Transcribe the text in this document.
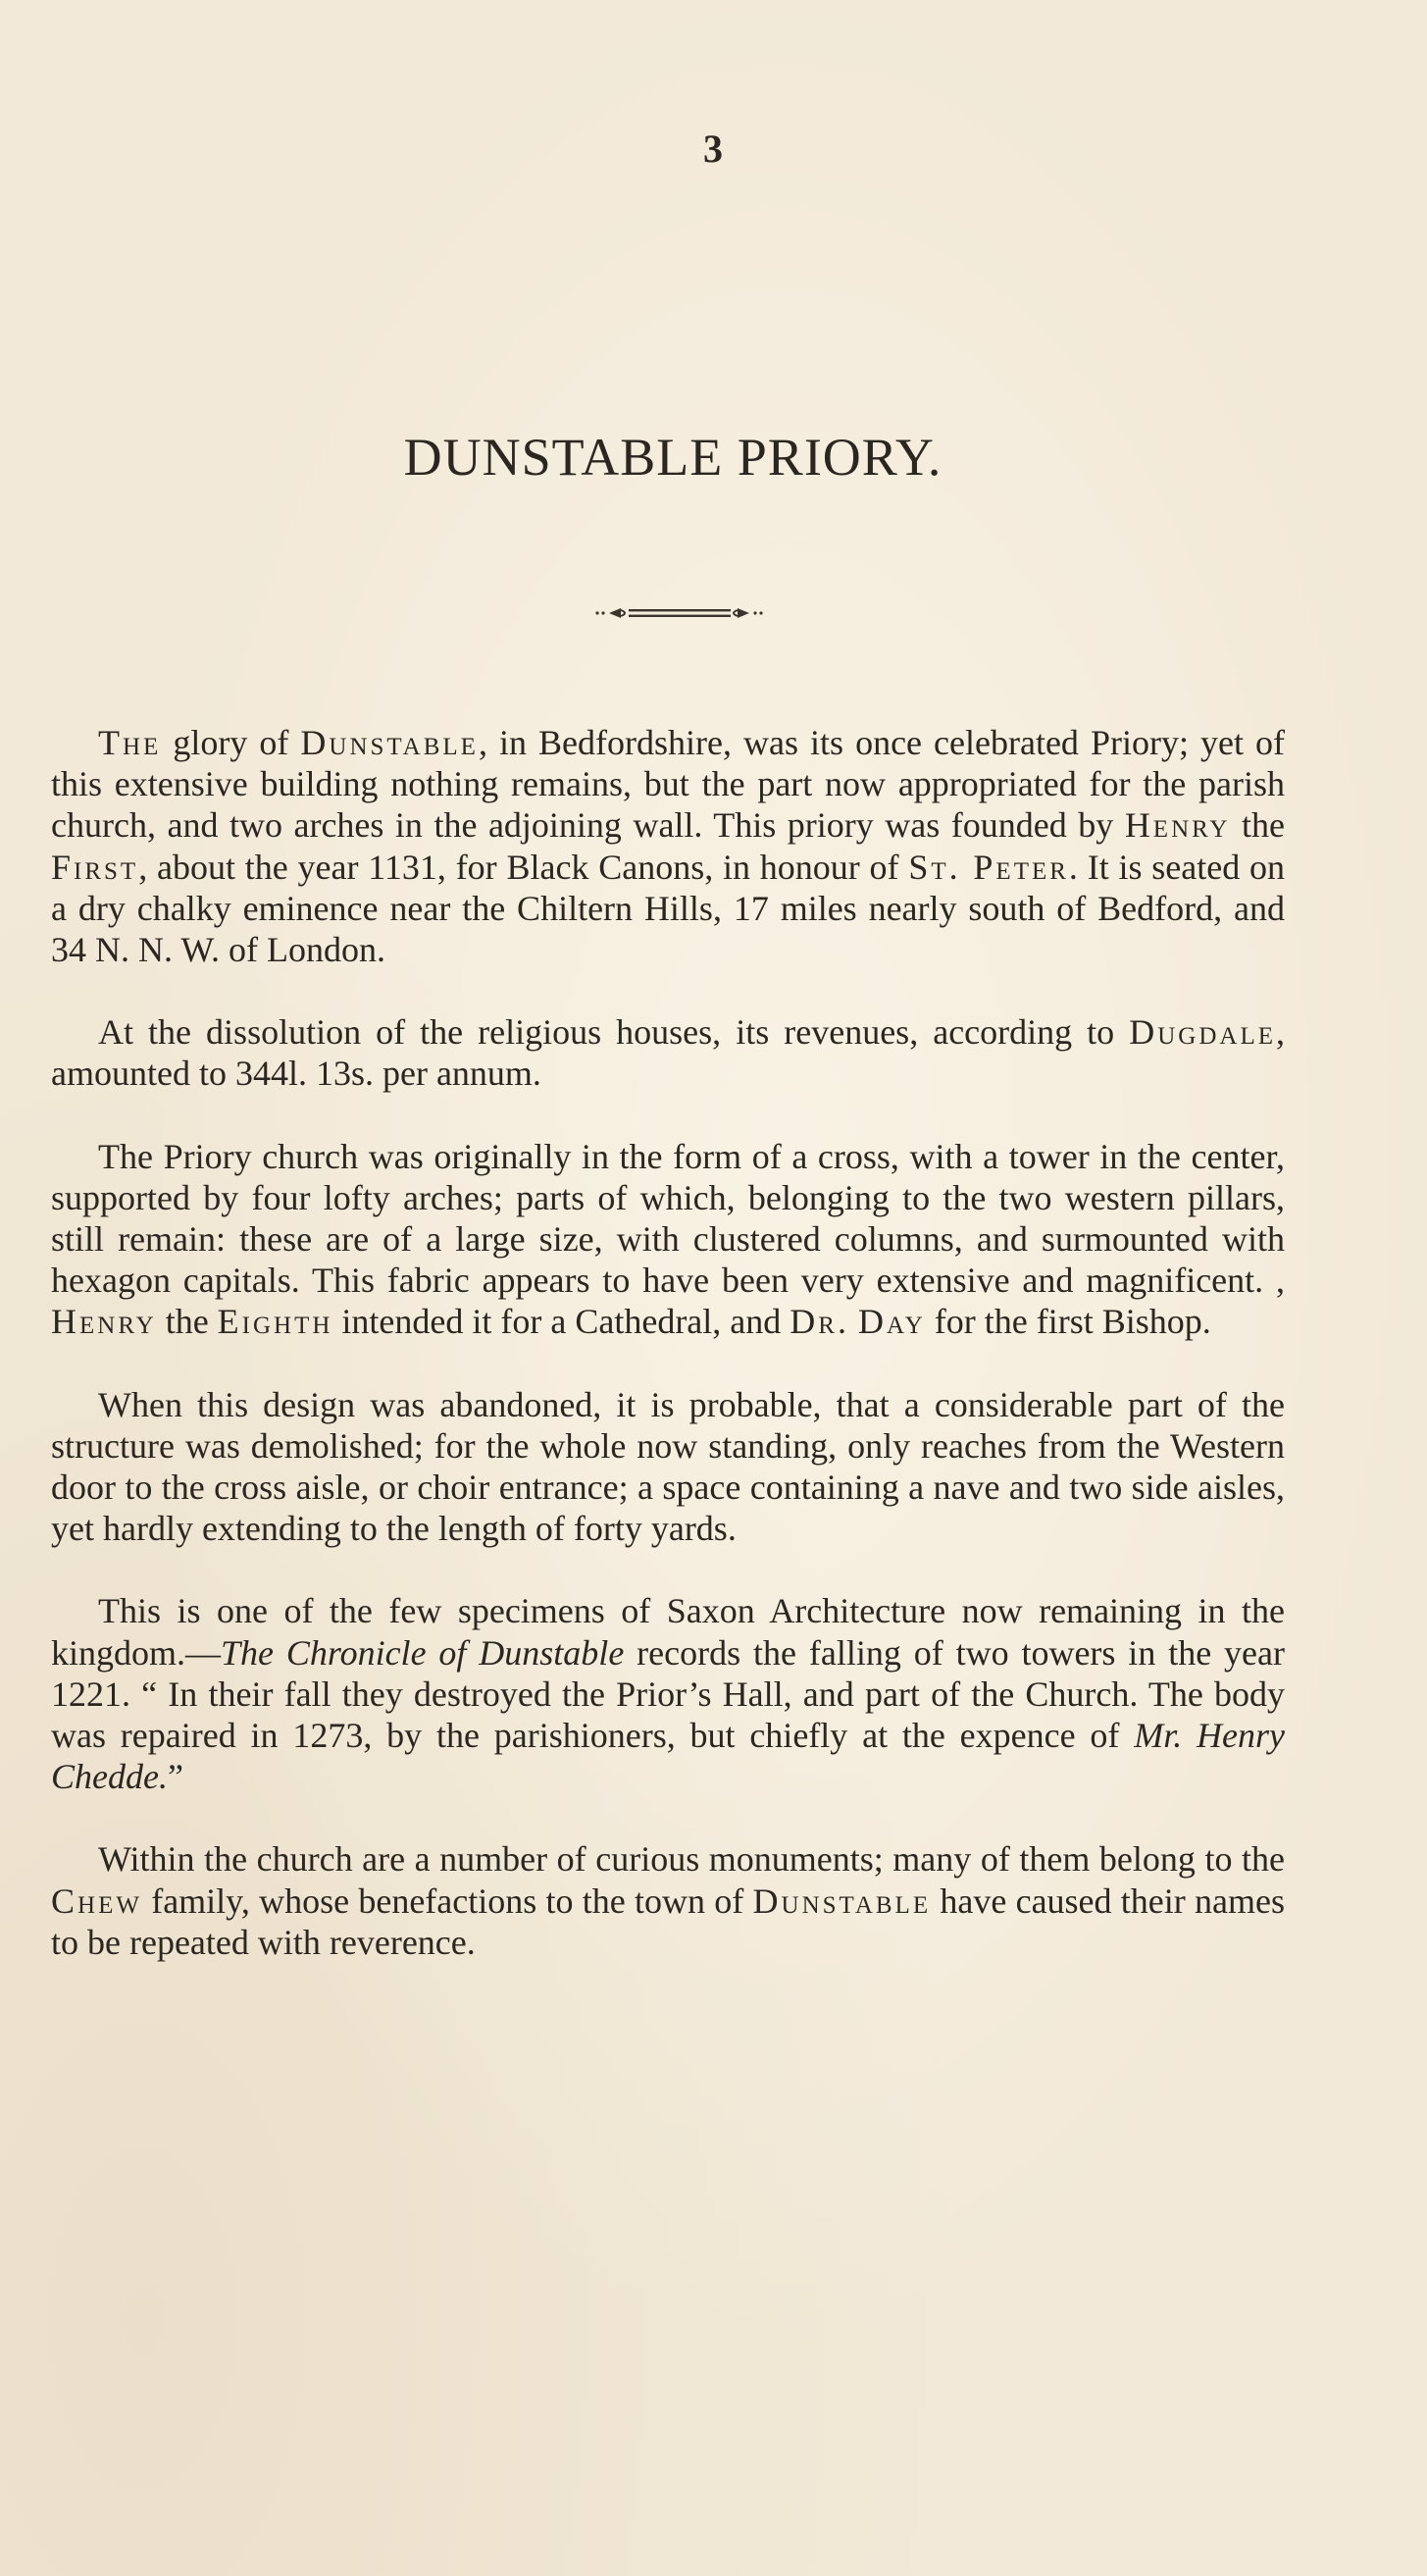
3
DUNSTABLE PRIORY.

The glory of Dunstable, in Bedfordshire, was its once celebrated Priory; yet of this extensive building nothing remains, but the part now appropriated for the parish church, and two arches in the adjoining wall. This priory was founded by Henry the First, about the year 1131, for Black Canons, in honour of St. Peter. It is seated on a dry chalky eminence near the Chiltern Hills, 17 miles nearly south of Bedford, and 34 N. N. W. of London.

At the dissolution of the religious houses, its revenues, according to Dugdale, amounted to 344l. 13s. per annum.

The Priory church was originally in the form of a cross, with a tower in the center, supported by four lofty arches; parts of which, belonging to the two western pillars, still remain: these are of a large size, with clustered columns, and surmounted with hexagon capitals. This fabric appears to have been very extensive and magnificent. , Henry the Eighth intended it for a Cathedral, and Dr. Day for the first Bishop.

When this design was abandoned, it is probable, that a considerable part of the structure was demolished; for the whole now standing, only reaches from the Western door to the cross aisle, or choir entrance; a space containing a nave and two side aisles, yet hardly extending to the length of forty yards.

This is one of the few specimens of Saxon Architecture now remaining in the kingdom.—The Chronicle of Dunstable records the falling of two towers in the year 1221. “ In their fall they destroyed the Prior’s Hall, and part of the Church. The body was repaired in 1273, by the parishioners, but chiefly at the expence of Mr. Henry Chedde.”

Within the church are a number of curious monuments; many of them belong to the Chew family, whose benefactions to the town of Dunstable have caused their names to be repeated with reverence.
